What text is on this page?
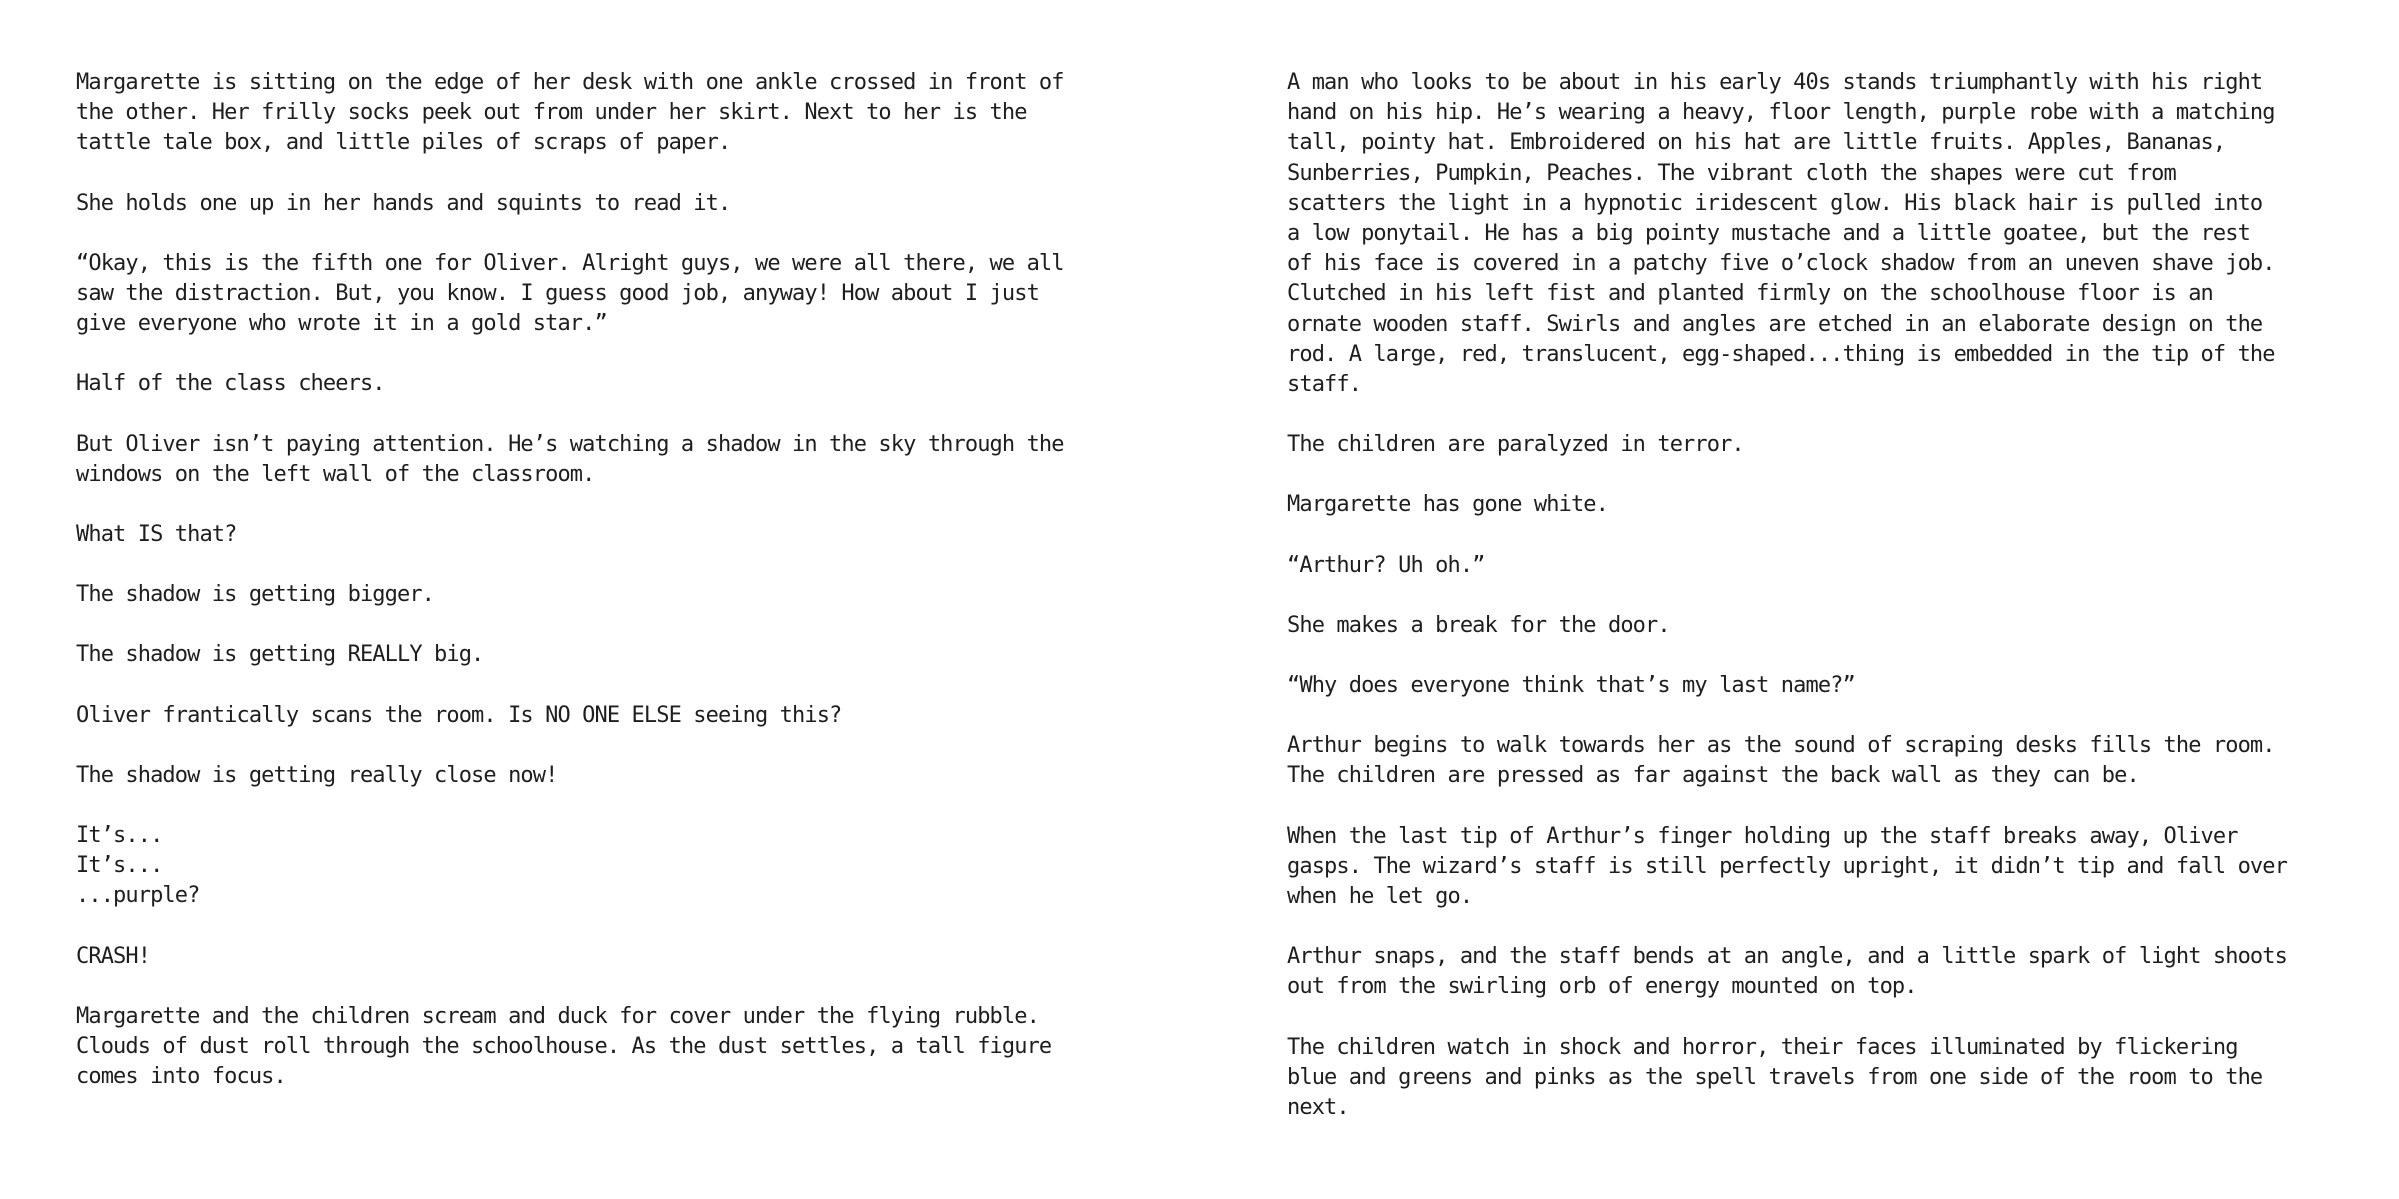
Margarette is sitting on the edge of her desk with one ankle crossed in front of
the other. Her frilly socks peek out from under her skirt. Next to her is the
tattle tale box, and little piles of scraps of paper.

She holds one up in her hands and squints to read it.

“Okay, this is the fifth one for Oliver. Alright guys, we were all there, we all
saw the distraction. But, you know. I guess good job, anyway! How about I just
give everyone who wrote it in a gold star.”

Half of the class cheers.

But Oliver isn’t paying attention. He’s watching a shadow in the sky through the
windows on the left wall of the classroom.

What IS that?

The shadow is getting bigger.

The shadow is getting REALLY big.

Oliver frantically scans the room. Is NO ONE ELSE seeing this?

The shadow is getting really close now!

It’s...
It’s...
...purple?

CRASH!

Margarette and the children scream and duck for cover under the flying rubble.
Clouds of dust roll through the schoolhouse. As the dust settles, a tall figure
comes into focus.

A man who looks to be about in his early 40s stands triumphantly with his right
hand on his hip. He’s wearing a heavy, floor length, purple robe with a matching
tall, pointy hat. Embroidered on his hat are little fruits. Apples, Bananas,
Sunberries, Pumpkin, Peaches. The vibrant cloth the shapes were cut from
scatters the light in a hypnotic iridescent glow. His black hair is pulled into
a low ponytail. He has a big pointy mustache and a little goatee, but the rest
of his face is covered in a patchy five o’clock shadow from an uneven shave job.
Clutched in his left fist and planted firmly on the schoolhouse floor is an
ornate wooden staff. Swirls and angles are etched in an elaborate design on the
rod. A large, red, translucent, egg-shaped...thing is embedded in the tip of the
staff.

The children are paralyzed in terror.

Margarette has gone white.

“Arthur? Uh oh.”

She makes a break for the door.

“Why does everyone think that’s my last name?”

Arthur begins to walk towards her as the sound of scraping desks fills the room.
The children are pressed as far against the back wall as they can be.

When the last tip of Arthur’s finger holding up the staff breaks away, Oliver
gasps. The wizard’s staff is still perfectly upright, it didn’t tip and fall over
when he let go.

Arthur snaps, and the staff bends at an angle, and a little spark of light shoots
out from the swirling orb of energy mounted on top.

The children watch in shock and horror, their faces illuminated by flickering
blue and greens and pinks as the spell travels from one side of the room to the
next.
